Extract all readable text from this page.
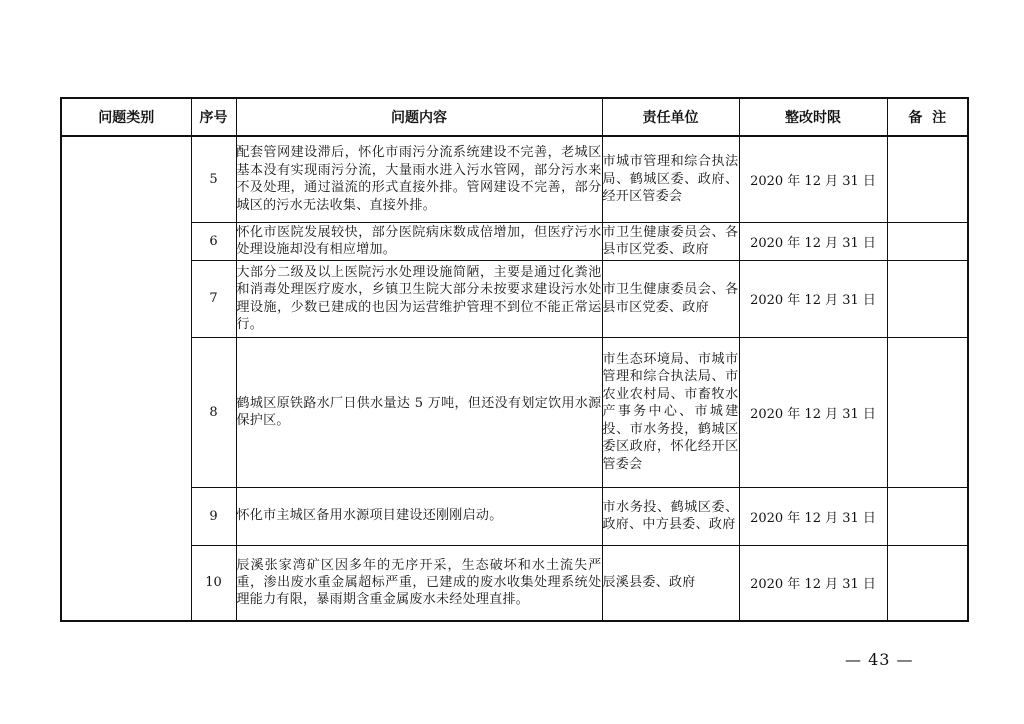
问题类别	序号	问题内容	责任单位	整改时限	备  注
	5	配套管网建设滞后，怀化市雨污分流系统建设不完善，老城区基本没有实现雨污分流，大量雨水进入污水管网，部分污水来不及处理，通过溢流的形式直接外排。管网建设不完善，部分城区的污水无法收集、直接外排。	市城市管理和综合执法局、鹤城区委、政府、经开区管委会	2020 年 12 月 31 日	
	6	怀化市医院发展较快，部分医院病床数成倍增加，但医疗污水处理设施却没有相应增加。	市卫生健康委员会、各县市区党委、政府	2020 年 12 月 31 日	
	7	大部分二级及以上医院污水处理设施简陋，主要是通过化粪池和消毒处理医疗废水，乡镇卫生院大部分未按要求建设污水处理设施，少数已建成的也因为运营维护管理不到位不能正常运行。	市卫生健康委员会、各县市区党委、政府	2020 年 12 月 31 日	
	8	鹤城区原铁路水厂日供水量达 5 万吨，但还没有划定饮用水源保护区。	市生态环境局、市城市管理和综合执法局、市农业农村局、市畜牧水产事务中心、市城建投、市水务投，鹤城区委区政府，怀化经开区管委会	2020 年 12 月 31 日	
	9	怀化市主城区备用水源项目建设还刚刚启动。	市水务投、鹤城区委、政府、中方县委、政府	2020 年 12 月 31 日	
	10	辰溪张家湾矿区因多年的无序开采，生态破坏和水土流失严重，渗出废水重金属超标严重，已建成的废水收集处理系统处理能力有限，暴雨期含重金属废水未经处理直排。	辰溪县委、政府	2020 年 12 月 31 日	
— 43 —
